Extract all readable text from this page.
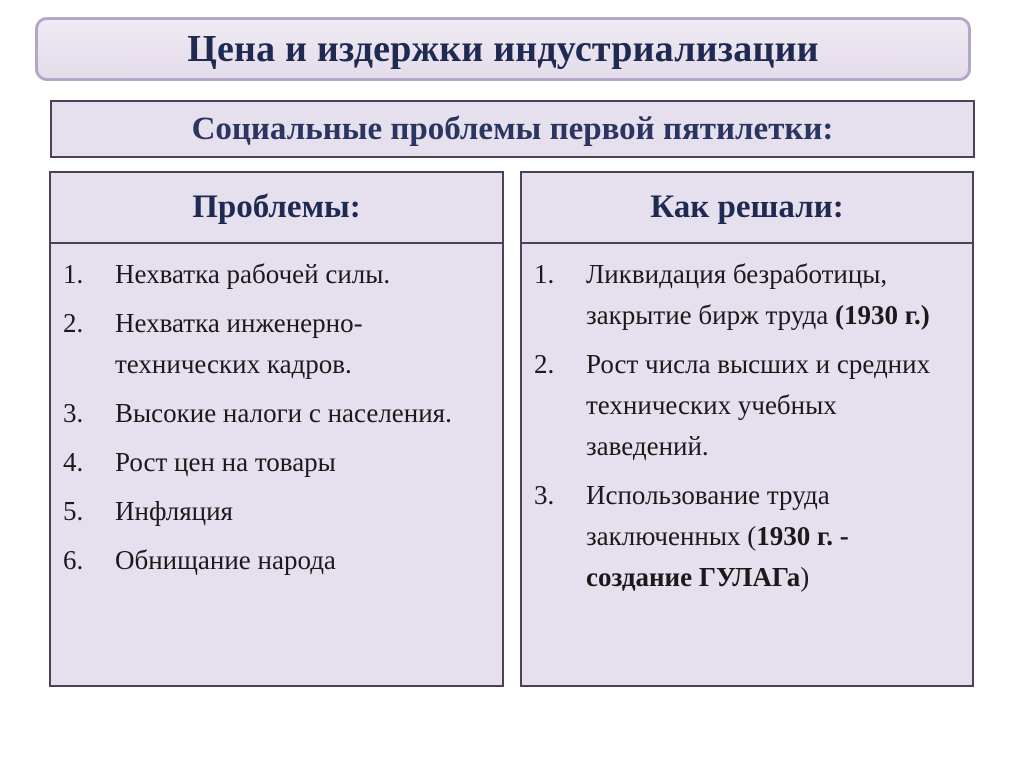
Цена и издержки индустриализации
Социальные проблемы первой пятилетки:
Проблемы:
1.	Нехватка рабочей силы.
2.	Нехватка инженерно-технических кадров.
3.	Высокие налоги с населения.
4.	Рост цен на товары
5.	Инфляция
6.	Обнищание народа
Как решали:
1.	Ликвидация безработицы, закрытие бирж труда (1930 г.)
2.	Рост числа высших и средних технических учебных заведений.
3.	Использование труда заключенных (1930 г. - создание ГУЛАГа)
